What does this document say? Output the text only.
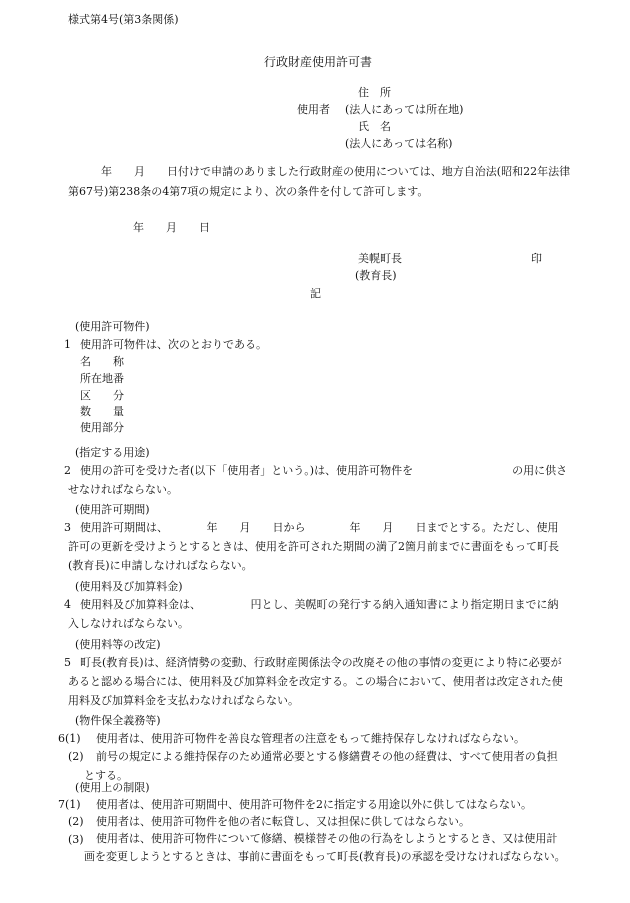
様式第4号(第3条関係)
行政財産使用許可書
住　所
使用者 (法人にあっては所在地)
氏　名
(法人にあっては名称)
　　　年　　月　　日付けで申請のありました行政財産の使用については、地方自治法(昭和22年法律第67号)第238条の4第7項の規定により、次の条件を付して許可します。
年　　月　　日
美幌町長	印
(教育長)
記
(使用許可物件)
1 使用許可物件は、次のとおりである。
名　　称
所在地番
区　　分
数　　量
使用部分
(指定する用途)
2 使用の許可を受けた者(以下「使用者」という。)は、使用許可物件を　　　　　　　　　の用に供させなければならない。
(使用許可期間)
3 使用許可期間は、　　　　年　　月　　日から　　　　年　　月　　日までとする。ただし、使用許可の更新を受けようとするときは、使用を許可された期間の満了2箇月前までに書面をもって町長(教育長)に申請しなければならない。
(使用料及び加算料金)
4 使用料及び加算料金は、　　　　　円とし、美幌町の発行する納入通知書により指定期日までに納入しなければならない。
(使用料等の改定)
5 町長(教育長)は、経済情勢の変動、行政財産関係法令の改廃その他の事情の変更により特に必要があると認める場合には、使用料及び加算料金を改定する。この場合において、使用者は改定された使用料及び加算料金を支払わなければならない。
(物件保全義務等)
6(1) 使用者は、使用許可物件を善良な管理者の注意をもって維持保存しなければならない。
(2)	前号の規定による維持保存のため通常必要とする修繕費その他の経費は、すべて使用者の負担とする。
(使用上の制限)
7(1) 使用者は、使用許可期間中、使用許可物件を2に指定する用途以外に供してはならない。
(2) 使用者は、使用許可物件を他の者に転貸し、又は担保に供してはならない。
(3)	使用者は、使用許可物件について修繕、模様替その他の行為をしようとするとき、又は使用計画を変更しようとするときは、事前に書面をもって町長(教育長)の承認を受けなければならない。
